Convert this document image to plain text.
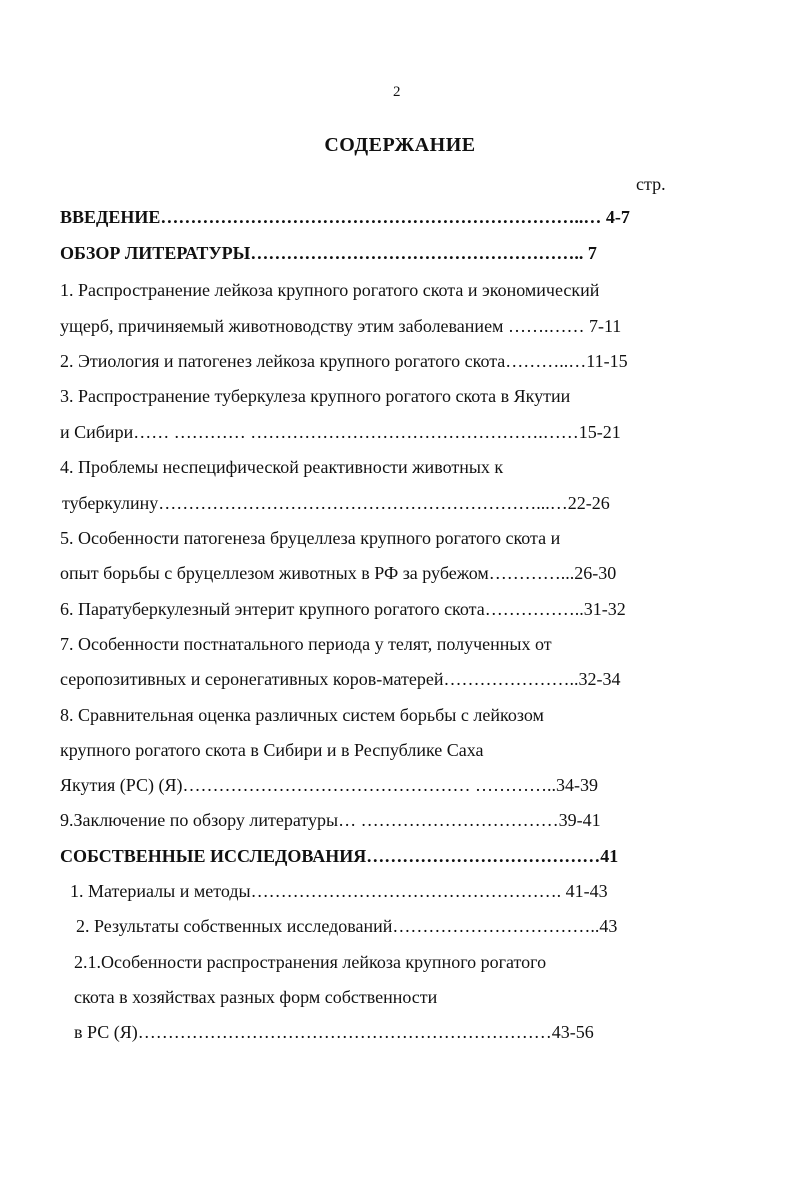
2
СОДЕРЖАНИЕ
стр.
ВВЕДЕНИЕ……………………………………………………………..… 4-7
ОБЗОР ЛИТЕРАТУРЫ……………………………………………….. 7
1. Распространение лейкоза крупного рогатого скота и экономический
ущерб, причиняемый животноводству этим заболеванием …….…… 7-11
2. Этиология и патогенез лейкоза крупного рогатого скота………..…11-15
3. Распространение туберкулеза крупного рогатого скота в Якутии
и Сибири…… ………… ………………………………………….……15-21
4. Проблемы неспецифической реактивности животных к
туберкулину………………………………………………………...…22-26
5. Особенности патогенеза бруцеллеза крупного рогатого скота и
опыт борьбы с бруцеллезом животных в РФ за рубежом…………...26-30
6. Паратуберкулезный энтерит крупного рогатого скота……………..31-32
7. Особенности постнатального периода у телят, полученных от
серопозитивных и серонегативных коров-матерей…………………..32-34
8. Сравнительная оценка различных систем борьбы с лейкозом
крупного рогатого скота в Сибири и в Республике Саха
Якутия (РС) (Я)………………………………………… …………..34-39
9.Заключение по обзору литературы… ……………………………39-41
СОБСТВЕННЫЕ ИССЛЕДОВАНИЯ…………………………………41
1. Материалы и методы……………………………………………. 41-43
2. Результаты собственных исследований……………………………..43
2.1.Особенности распространения лейкоза крупного рогатого
скота в хозяйствах разных форм собственности
в РС (Я)……………………………………………………………43-56
